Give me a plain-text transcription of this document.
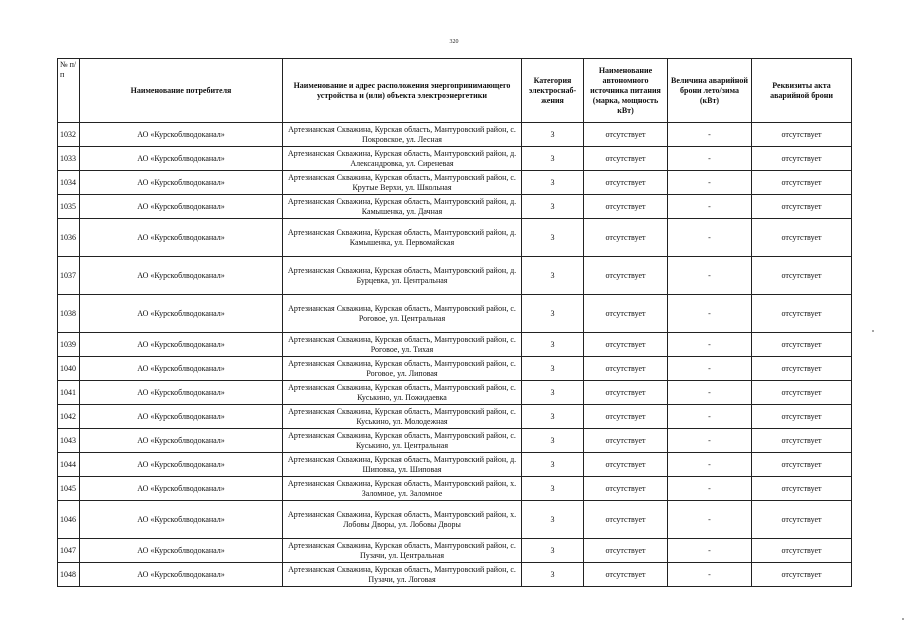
320
№ п/п	Наименование потребителя	Наименование и адрес расположения энергопринимающего устройства и (или) объекта электроэнергетики	Категория электроснаб-жения	Наименование автономного источника питания (марка, мощность кВт)	Величина аварийной брони лето/зима (кВт)	Реквизиты акта аварийной брони
1032	АО «Курскоблводоканал»	Артезианская Скважина, Курская область, Мантуровский район, с. Покровское, ул. Лесная	3	отсутствует	-	отсутствует
1033	АО «Курскоблводоканал»	Артезианская Скважина, Курская область, Мантуровский район, д. Александровка, ул. Сиреневая	3	отсутствует	-	отсутствует
1034	АО «Курскоблводоканал»	Артезианская Скважина, Курская область, Мантуровский район, с. Крутые Верхи, ул. Школьная	3	отсутствует	-	отсутствует
1035	АО «Курскоблводоканал»	Артезианская Скважина, Курская область, Мантуровский район, д. Камышенка, ул. Дачная	3	отсутствует	-	отсутствует
1036	АО «Курскоблводоканал»	Артезианская Скважина, Курская область, Мантуровский район, д. Камышенка, ул. Первомайская	3	отсутствует	-	отсутствует
1037	АО «Курскоблводоканал»	Артезианская Скважина, Курская область, Мантуровский район, д. Бурцевка, ул. Центральная	3	отсутствует	-	отсутствует
1038	АО «Курскоблводоканал»	Артезианская Скважина, Курская область, Мантуровский район, с. Роговое, ул. Центральная	3	отсутствует	-	отсутствует
1039	АО «Курскоблводоканал»	Артезианская Скважина, Курская область, Мантуровский район, с. Роговое, ул. Тихая	3	отсутствует	-	отсутствует
1040	АО «Курскоблводоканал»	Артезианская Скважина, Курская область, Мантуровский район, с. Роговое, ул. Липовая	3	отсутствует	-	отсутствует
1041	АО «Курскоблводоканал»	Артезианская Скважина, Курская область, Мантуровский район, с. Куськино, ул. Пожидаевка	3	отсутствует	-	отсутствует
1042	АО «Курскоблводоканал»	Артезианская Скважина, Курская область, Мантуровский район, с. Куськино, ул. Молодежная	3	отсутствует	-	отсутствует
1043	АО «Курскоблводоканал»	Артезианская Скважина, Курская область, Мантуровский район, с. Куськино, ул. Центральная	3	отсутствует	-	отсутствует
1044	АО «Курскоблводоканал»	Артезианская Скважина, Курская область, Мантуровский район, д. Шиповка, ул. Шиповая	3	отсутствует	-	отсутствует
1045	АО «Курскоблводоканал»	Артезианская Скважина, Курская область, Мантуровский район, х. Заломное, ул. Заломное	3	отсутствует	-	отсутствует
1046	АО «Курскоблводоканал»	Артезианская Скважина, Курская область, Мантуровский район, х. Лобовы Дворы, ул. Лобовы Дворы	3	отсутствует	-	отсутствует
1047	АО «Курскоблводоканал»	Артезианская Скважина, Курская область, Мантуровский район, с. Пузачи, ул. Центральная	3	отсутствует	-	отсутствует
1048	АО «Курскоблводоканал»	Артезианская Скважина, Курская область, Мантуровский район, с. Пузачи, ул. Логовая	3	отсутствует	-	отсутствует
